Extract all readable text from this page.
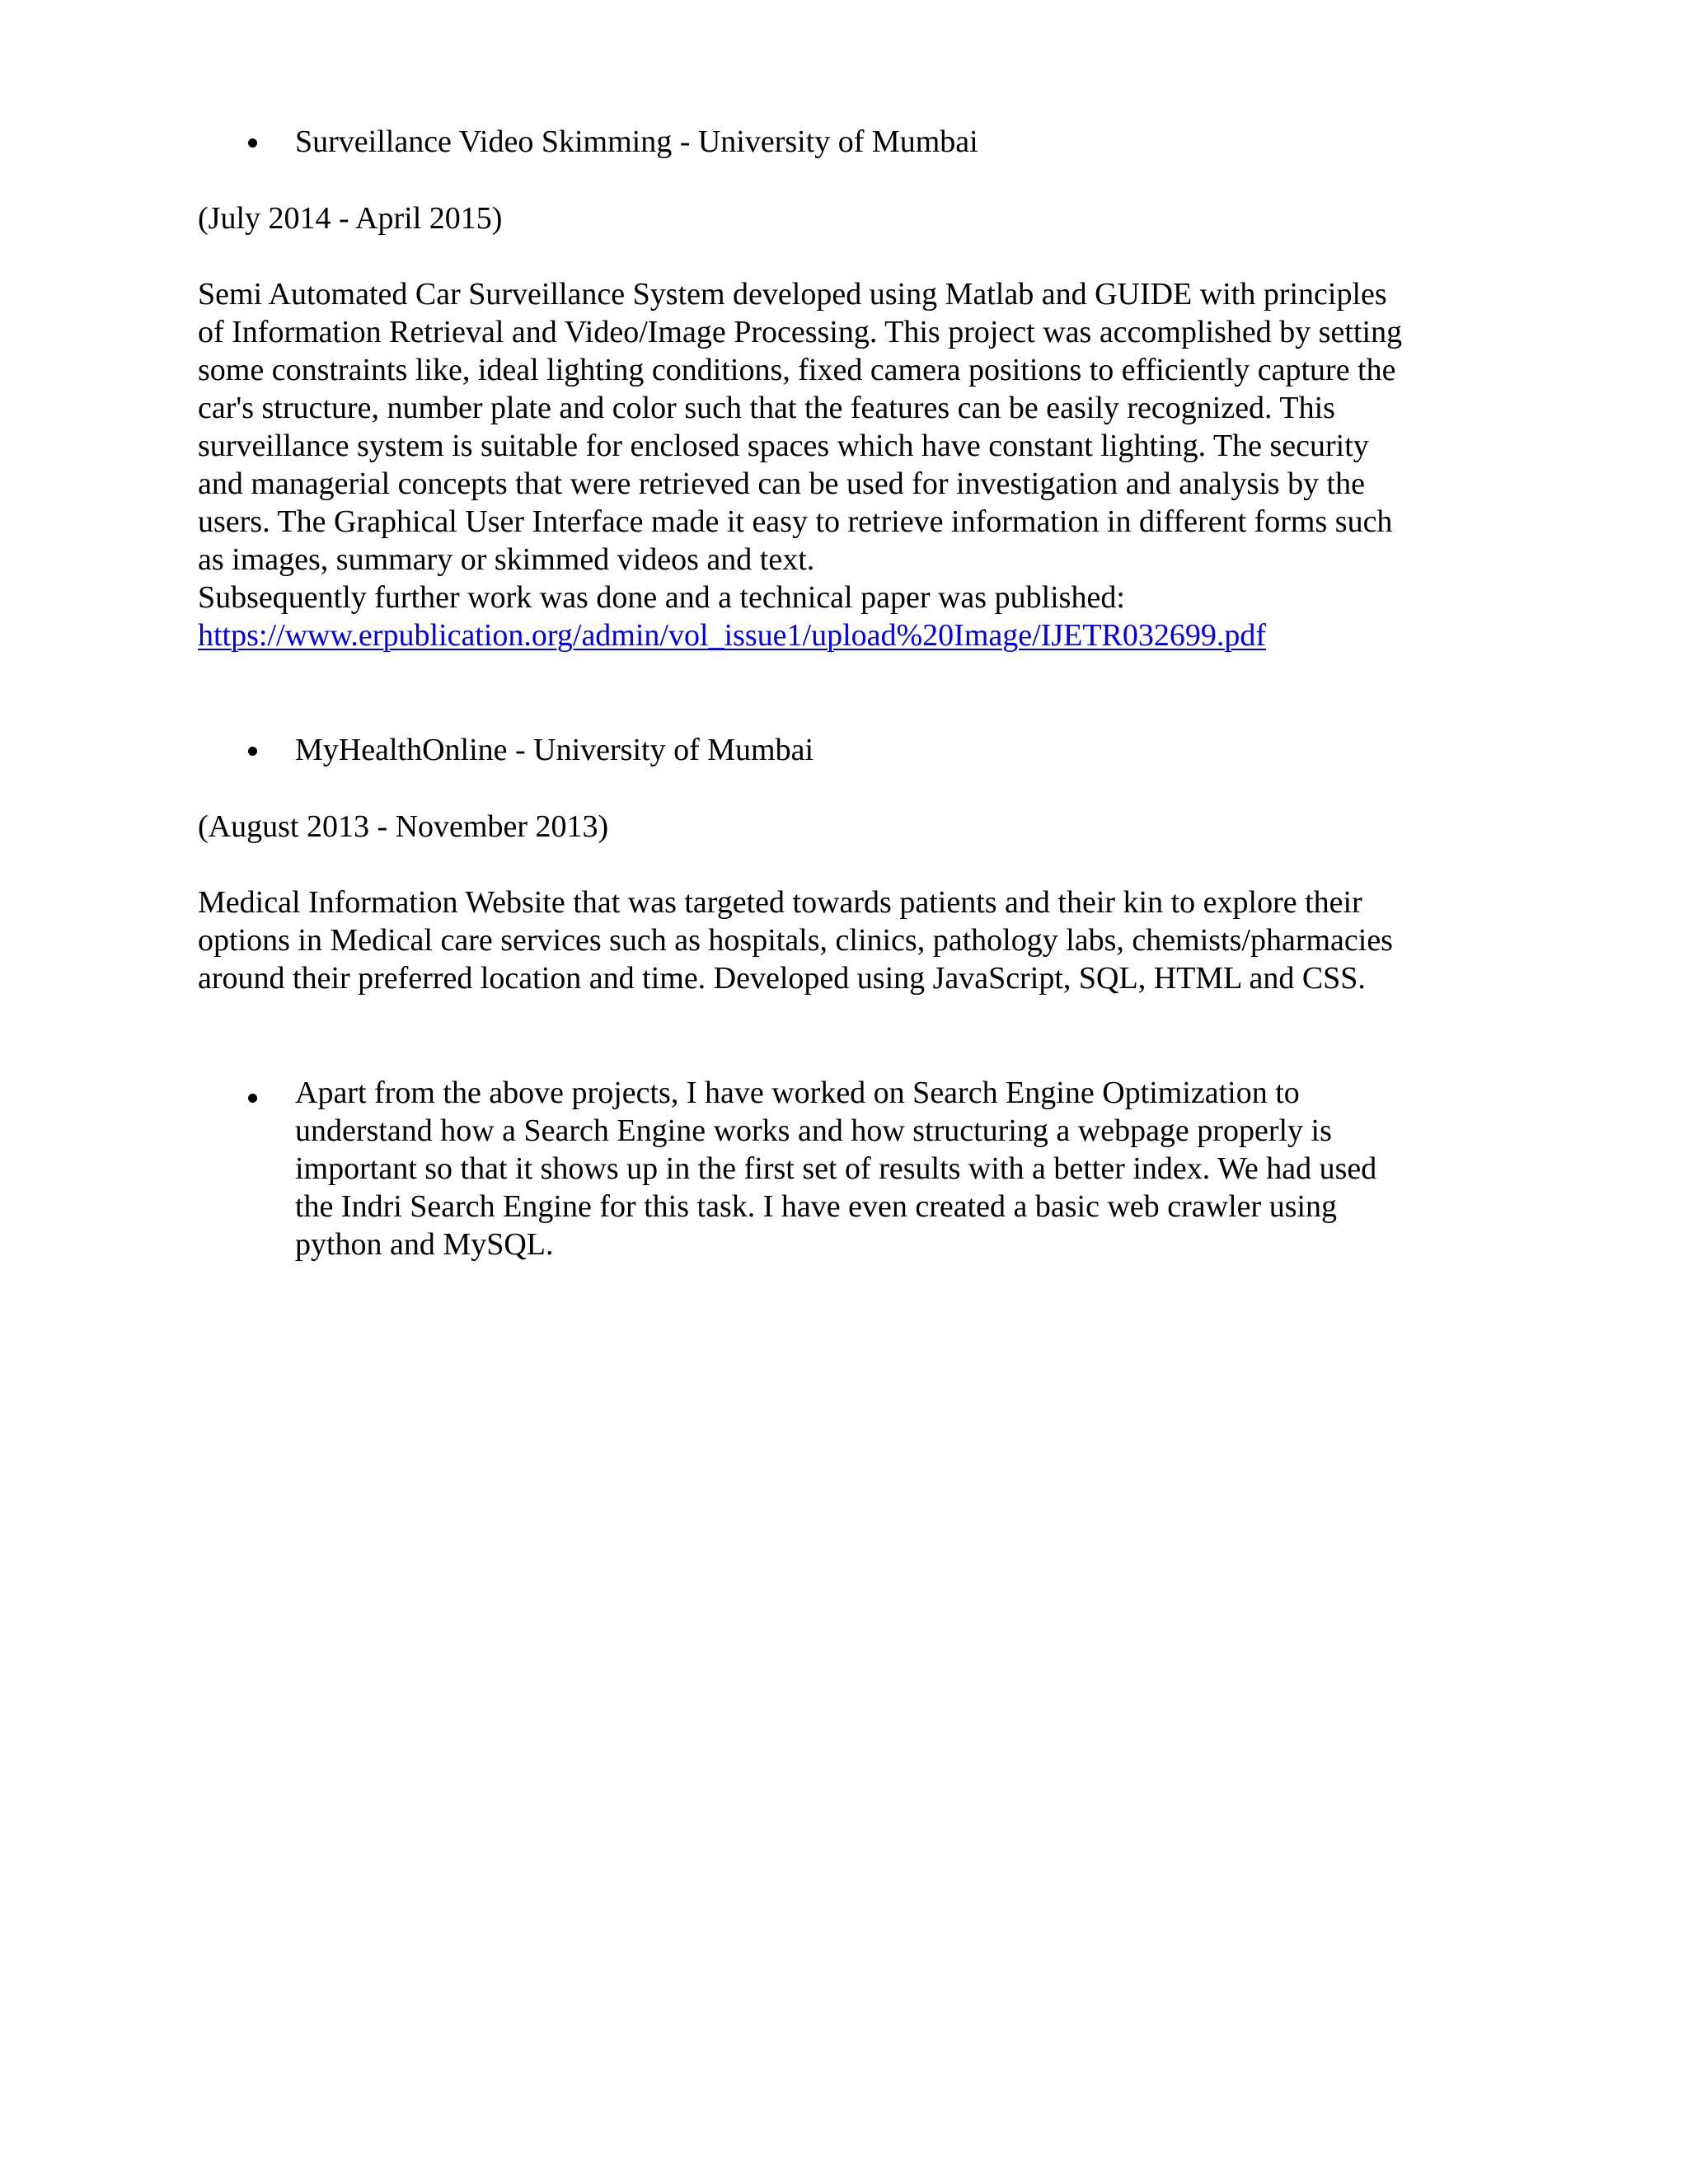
Surveillance Video Skimming - University of Mumbai

(July 2014 - April 2015)

Semi Automated Car Surveillance System developed using Matlab and GUIDE with principles
of Information Retrieval and Video/Image Processing. This project was accomplished by setting
some constraints like, ideal lighting conditions, fixed camera positions to efficiently capture the
car's structure, number plate and color such that the features can be easily recognized. This
surveillance system is suitable for enclosed spaces which have constant lighting. The security
and managerial concepts that were retrieved can be used for investigation and analysis by the
users. The Graphical User Interface made it easy to retrieve information in different forms such
as images, summary or skimmed videos and text.
Subsequently further work was done and a technical paper was published:
https://www.erpublication.org/admin/vol_issue1/upload%20Image/IJETR032699.pdf

MyHealthOnline - University of Mumbai

(August 2013 - November 2013)

Medical Information Website that was targeted towards patients and their kin to explore their
options in Medical care services such as hospitals, clinics, pathology labs, chemists/pharmacies
around their preferred location and time. Developed using JavaScript, SQL, HTML and CSS.
Apart from the above projects, I have worked on Search Engine Optimization to
understand how a Search Engine works and how structuring a webpage properly is
important so that it shows up in the first set of results with a better index. We had used
the Indri Search Engine for this task. I have even created a basic web crawler using
python and MySQL.
